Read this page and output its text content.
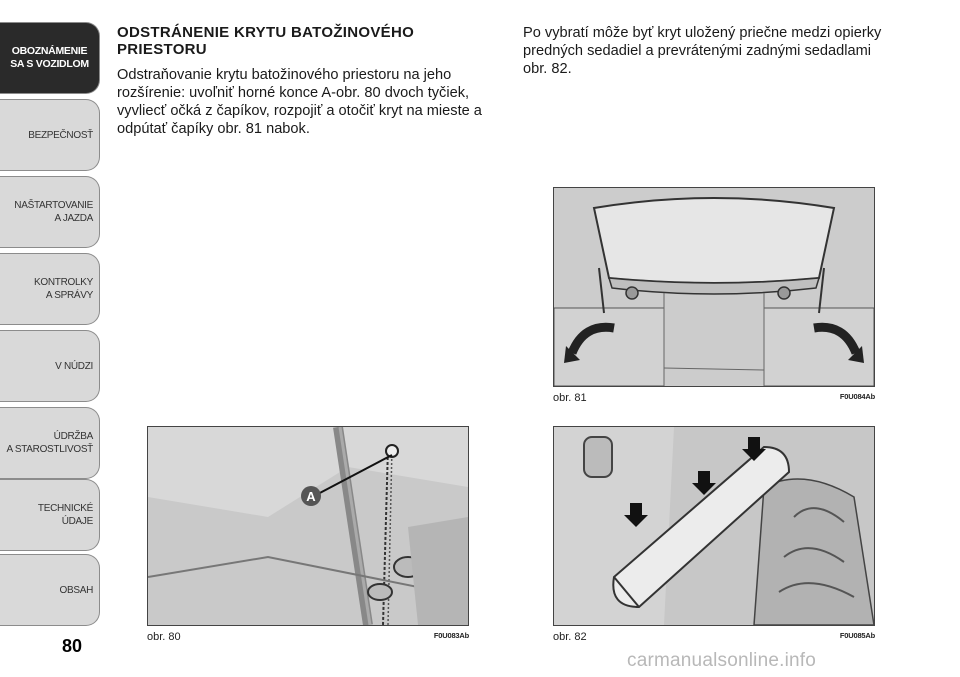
OBOZNÁMENIE
SA S VOZIDLOM
BEZPEČNOSŤ
NAŠTARTOVANIE
A JAZDA
KONTROLKY
A SPRÁVY
V NÚDZI
ÚDRŽBA
A STAROSTLIVOSŤ
TECHNICKÉ
ÚDAJE
OBSAH
80
ODSTRÁNENIE KRYTU BATOŽINOVÉHO PRIESTORU

Odstraňovanie krytu batožinového priestoru na jeho rozšírenie: uvoľniť horné konce A-obr. 80 dvoch tyčiek, vyvliecť očká z čapíkov, rozpojiť a otočiť kryt na mieste a odpútať čapíky obr. 81 nabok.

Po vybratí môže byť kryt uložený priečne medzi opierky predných sedadiel a prevrátenými zadnými sedadlami obr. 82.

A
obr. 80	F0U083Ab
obr. 81	F0U084Ab
obr. 82	F0U085Ab
carmanualsonline.info
